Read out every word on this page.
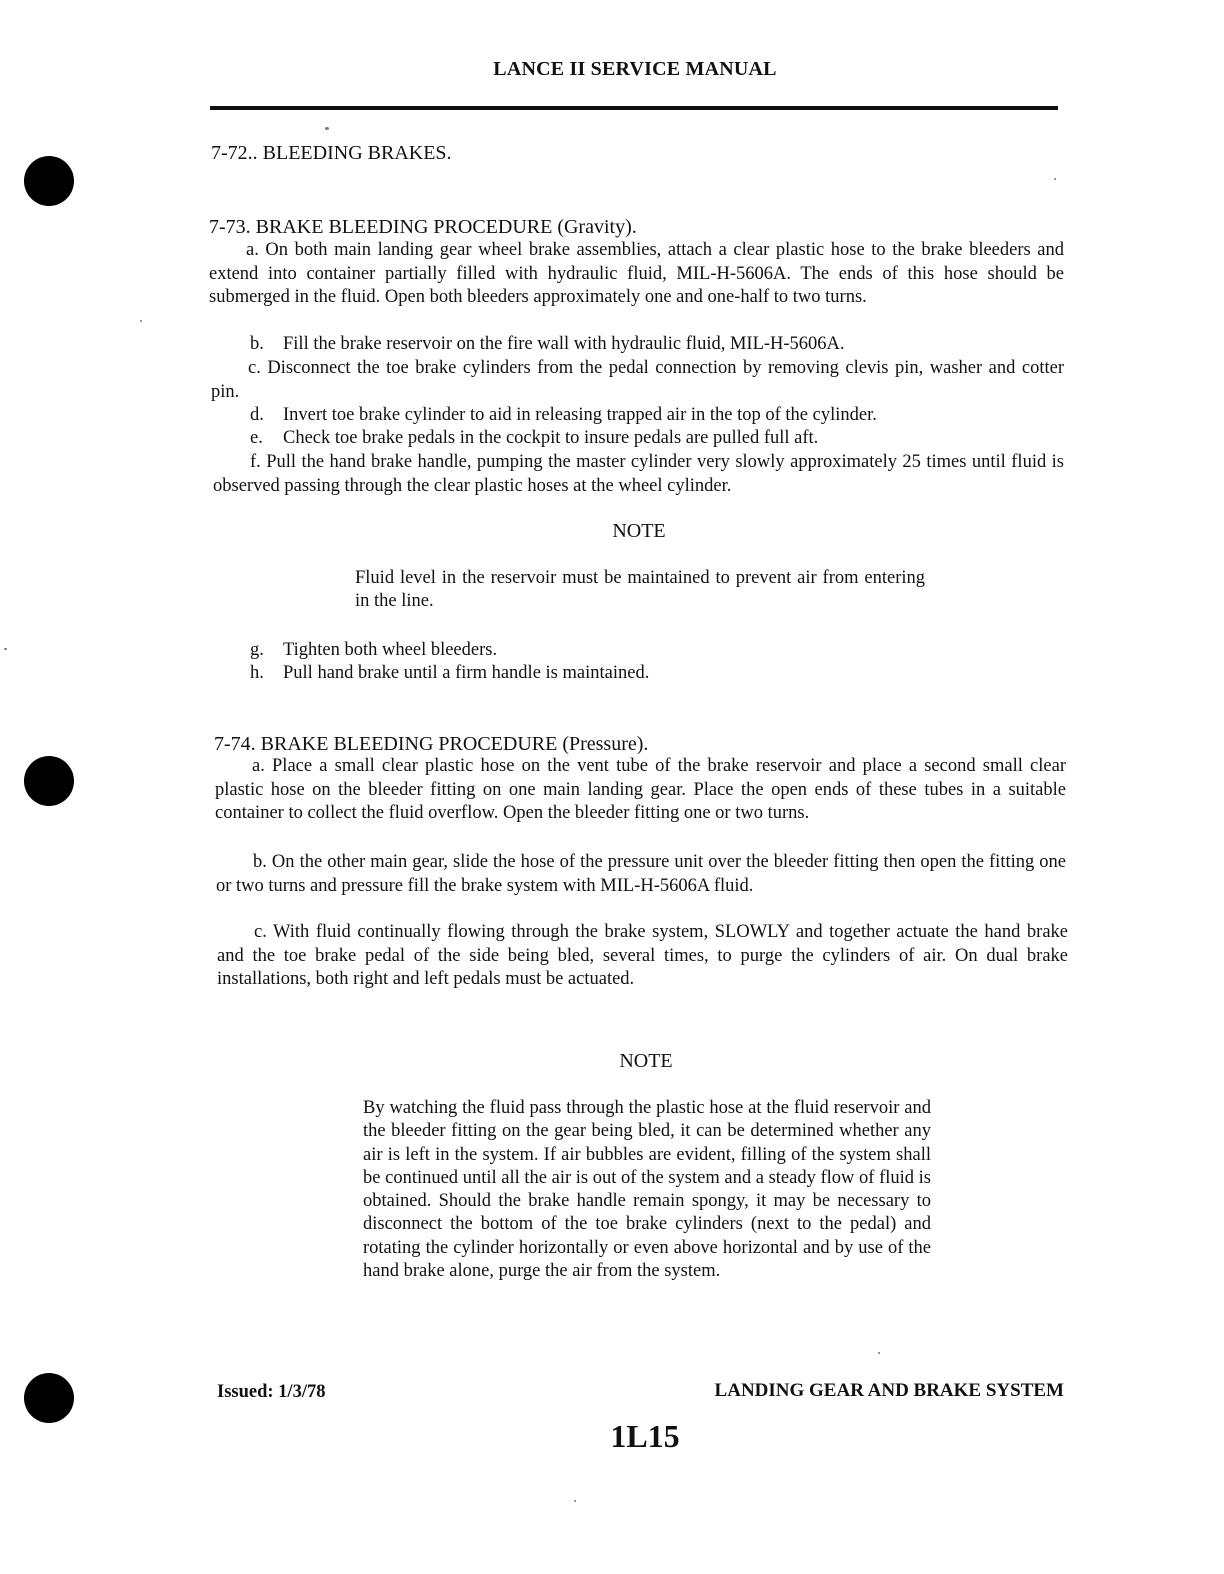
LANCE II SERVICE MANUAL
7-72.. BLEEDING BRAKES.
7-73. BRAKE BLEEDING PROCEDURE (Gravity).

a. On both main landing gear wheel brake assemblies, attach a clear plastic hose to the brake bleeders and extend into container partially filled with hydraulic fluid, MIL-H-5606A. The ends of this hose should be submerged in the fluid. Open both bleeders approximately one and one-half to two turns.

b. Fill the brake reservoir on the fire wall with hydraulic fluid, MIL-H-5606A.

c. Disconnect the toe brake cylinders from the pedal connection by removing clevis pin, washer and cotter pin.

d. Invert toe brake cylinder to aid in releasing trapped air in the top of the cylinder.
e. Check toe brake pedals in the cockpit to insure pedals are pulled full aft.

f. Pull the hand brake handle, pumping the master cylinder very slowly approximately 25 times until fluid is observed passing through the clear plastic hoses at the wheel cylinder.

NOTE

Fluid level in the reservoir must be maintained to prevent air from entering in the line.

g. Tighten both wheel bleeders.
h. Pull hand brake until a firm handle is maintained.
7-74. BRAKE BLEEDING PROCEDURE (Pressure).

a. Place a small clear plastic hose on the vent tube of the brake reservoir and place a second small clear plastic hose on the bleeder fitting on one main landing gear. Place the open ends of these tubes in a suitable container to collect the fluid overflow. Open the bleeder fitting one or two turns.

b. On the other main gear, slide the hose of the pressure unit over the bleeder fitting then open the fitting one or two turns and pressure fill the brake system with MIL-H-5606A fluid.

c. With fluid continually flowing through the brake system, SLOWLY and together actuate the hand brake and the toe brake pedal of the side being bled, several times, to purge the cylinders of air. On dual brake installations, both right and left pedals must be actuated.

NOTE

By watching the fluid pass through the plastic hose at the fluid reservoir and the bleeder fitting on the gear being bled, it can be determined whether any air is left in the system. If air bubbles are evident, filling of the system shall be continued until all the air is out of the system and a steady flow of fluid is obtained. Should the brake handle remain spongy, it may be necessary to disconnect the bottom of the toe brake cylinders (next to the pedal) and rotating the cylinder horizontally or even above horizontal and by use of the hand brake alone, purge the air from the system.

Issued: 1/3/78	LANDING GEAR AND BRAKE SYSTEM
1L15
